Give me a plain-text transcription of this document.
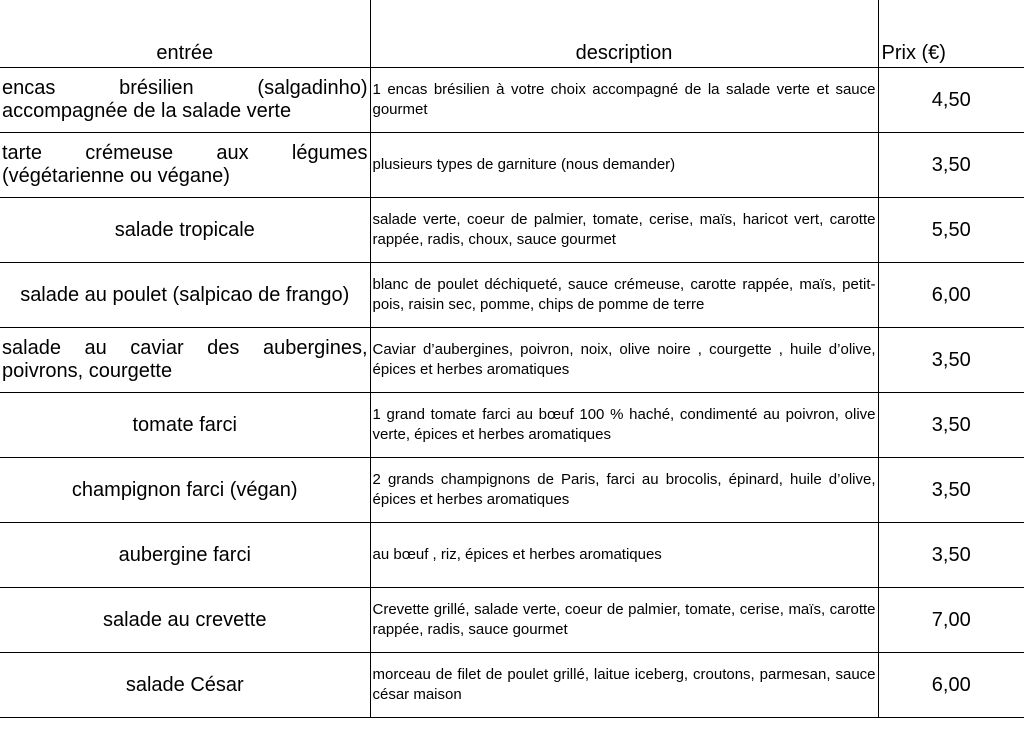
entrée	description	Prix (€)
encas brésilien (salgadinho) accompagnée de la salade verte	1 encas brésilien à votre choix accompagné de la salade verte et sauce gourmet	4,50
tarte crémeuse aux légumes (végétarienne ou végane)	plusieurs types de garniture (nous demander)	3,50
salade tropicale	salade verte, coeur de palmier, tomate, cerise, maïs, haricot vert, carotte rappée, radis, choux, sauce gourmet	5,50
salade au poulet (salpicao de frango)	blanc de poulet déchiqueté, sauce crémeuse, carotte rappée, maïs, petit-pois, raisin sec, pomme, chips de pomme de terre	6,00
salade au caviar des aubergines, poivrons, courgette	Caviar d’aubergines, poivron, noix, olive noire , courgette , huile d’olive, épices et herbes aromatiques	3,50
tomate farci	1 grand tomate farci au bœuf 100 % haché, condimenté au poivron, olive verte, épices et herbes aromatiques	3,50
champignon farci (végan)	2 grands champignons de Paris, farci au brocolis, épinard, huile d’olive, épices et herbes aromatiques	3,50
aubergine farci	au bœuf , riz, épices et herbes aromatiques	3,50
salade au crevette	Crevette grillé, salade verte, coeur de palmier, tomate, cerise, maïs, carotte rappée, radis, sauce gourmet	7,00
salade César	morceau de filet de poulet grillé, laitue iceberg, croutons, parmesan, sauce césar maison	6,00
